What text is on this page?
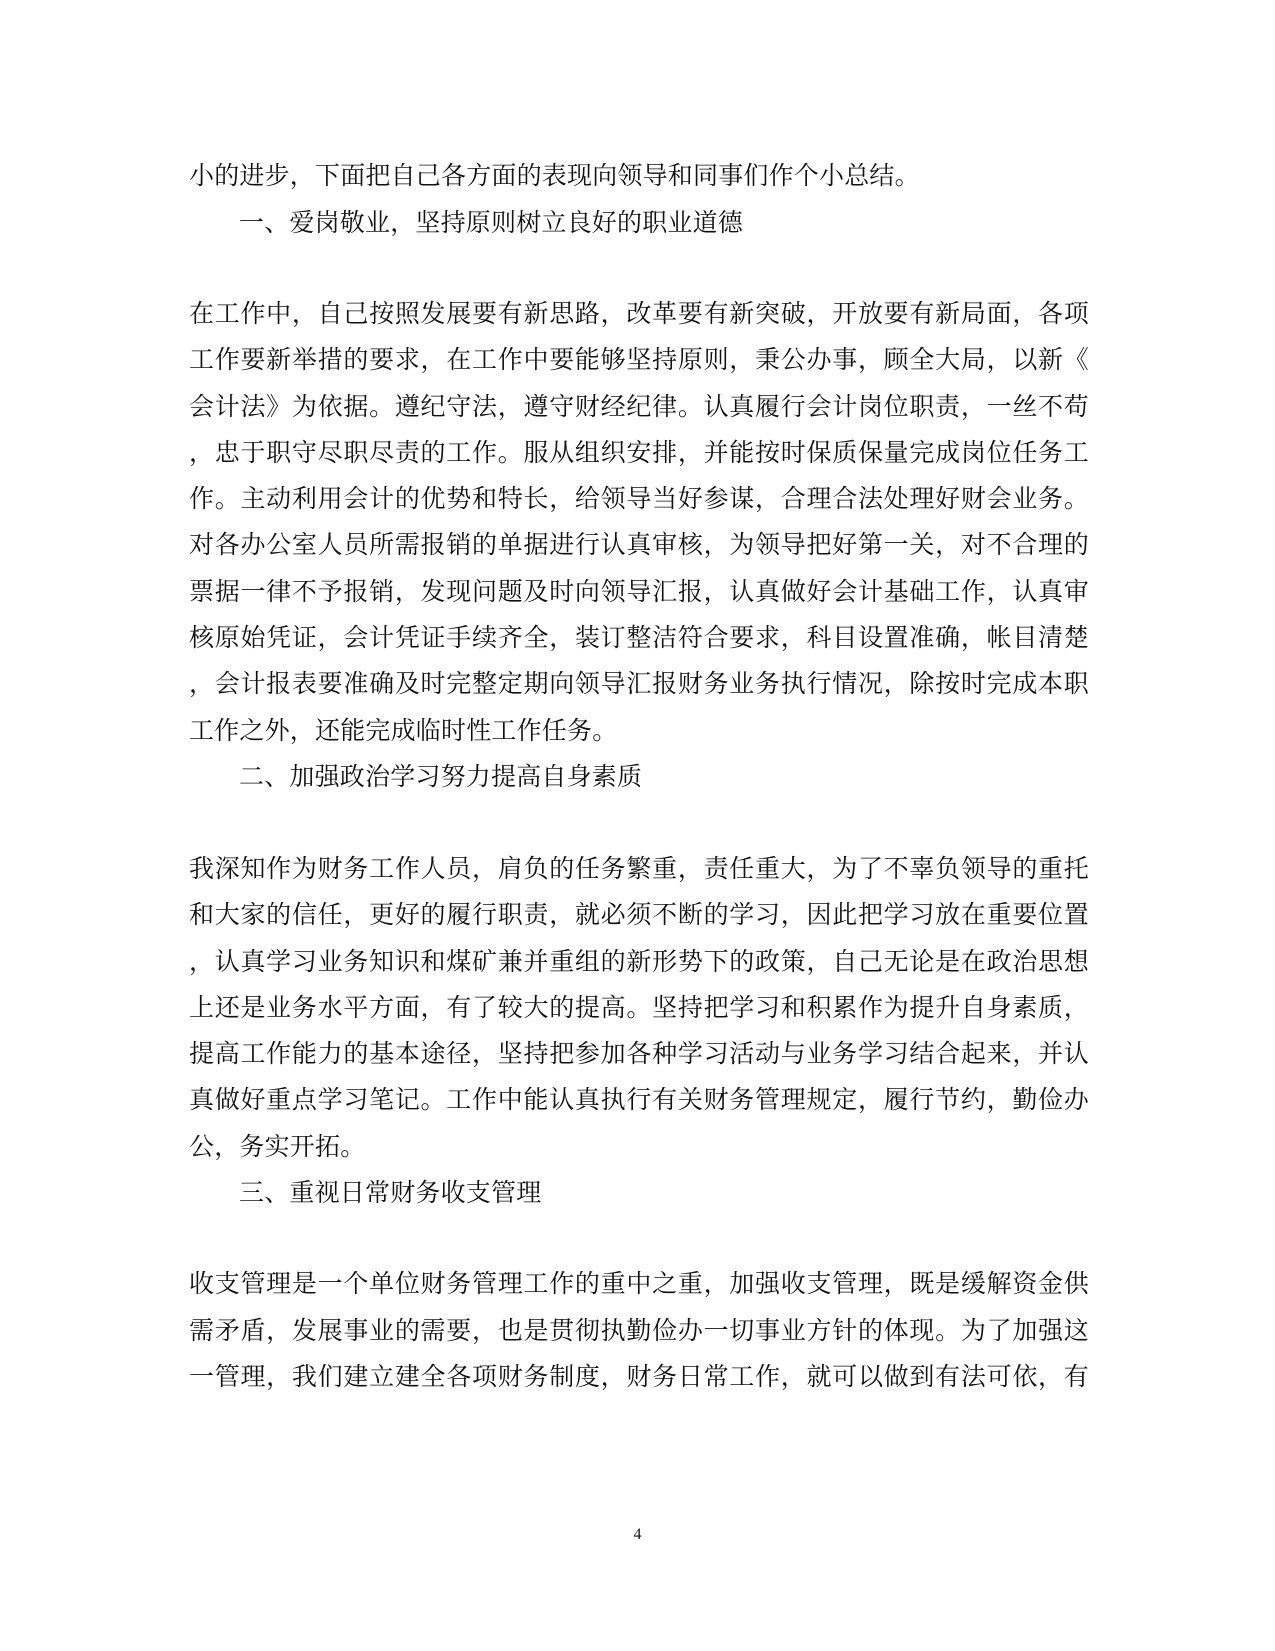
小的进步，下面把自己各方面的表现向领导和同事们作个小总结。
一、爱岗敬业，坚持原则树立良好的职业道德
在工作中，自己按照发展要有新思路，改革要有新突破，开放要有新局面，各项
工作要新举措的要求，在工作中要能够坚持原则，秉公办事，顾全大局，以新《
会计法》为依据。遵纪守法，遵守财经纪律。认真履行会计岗位职责，一丝不苟
，忠于职守尽职尽责的工作。服从组织安排，并能按时保质保量完成岗位任务工
作。主动利用会计的优势和特长，给领导当好参谋，合理合法处理好财会业务。
对各办公室人员所需报销的单据进行认真审核，为领导把好第一关，对不合理的
票据一律不予报销，发现问题及时向领导汇报，认真做好会计基础工作，认真审
核原始凭证，会计凭证手续齐全，装订整洁符合要求，科目设置准确，帐目清楚
，会计报表要准确及时完整定期向领导汇报财务业务执行情况，除按时完成本职
工作之外，还能完成临时性工作任务。
二、加强政治学习努力提高自身素质
我深知作为财务工作人员，肩负的任务繁重，责任重大，为了不辜负领导的重托
和大家的信任，更好的履行职责，就必须不断的学习，因此把学习放在重要位置
，认真学习业务知识和煤矿兼并重组的新形势下的政策，自己无论是在政治思想
上还是业务水平方面，有了较大的提高。坚持把学习和积累作为提升自身素质，
提高工作能力的基本途径，坚持把参加各种学习活动与业务学习结合起来，并认
真做好重点学习笔记。工作中能认真执行有关财务管理规定，履行节约，勤俭办
公，务实开拓。
三、重视日常财务收支管理
收支管理是一个单位财务管理工作的重中之重，加强收支管理，既是缓解资金供
需矛盾，发展事业的需要，也是贯彻执勤俭办一切事业方针的体现。为了加强这
一管理，我们建立建全各项财务制度，财务日常工作，就可以做到有法可依，有
4
